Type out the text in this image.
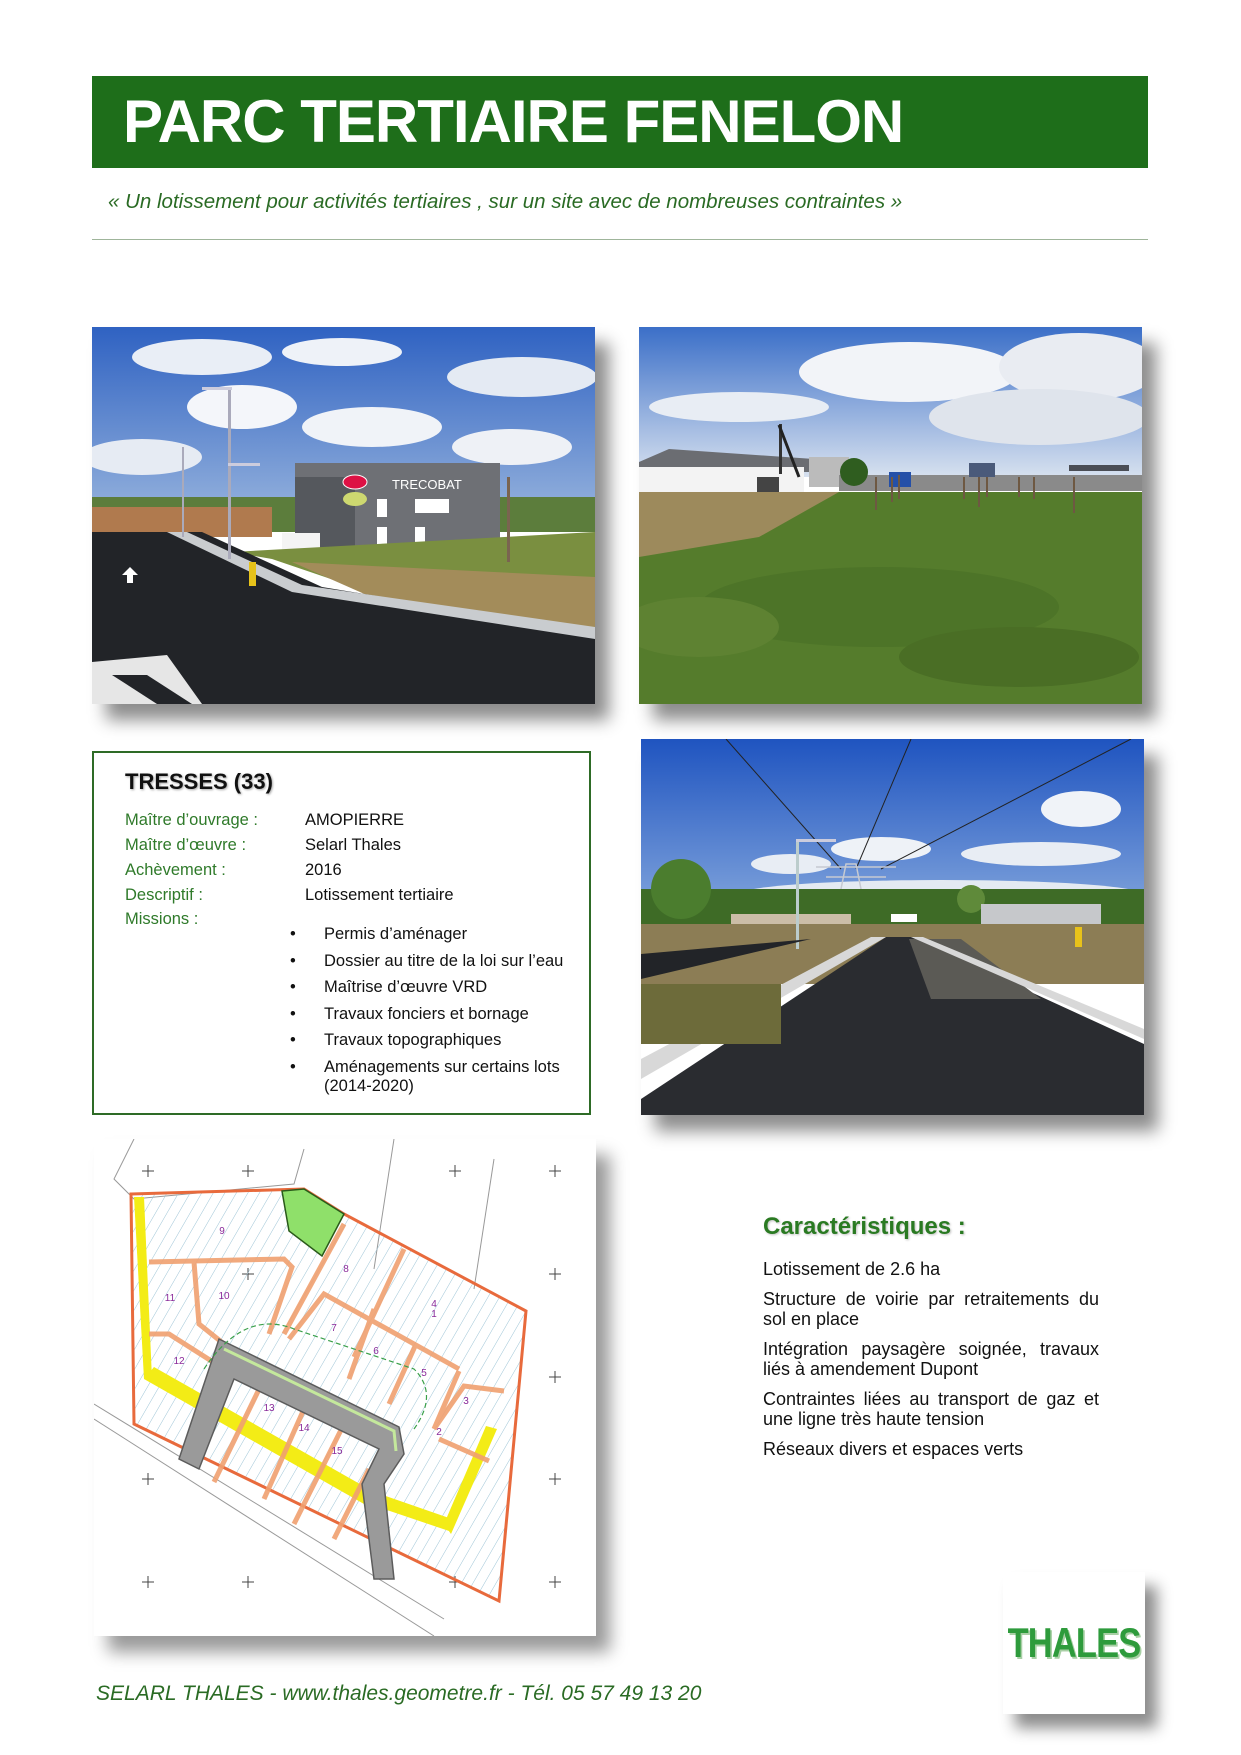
PARC TERTIAIRE FENELON
« Un lotissement pour activités tertiaires , sur un site avec de nombreuses contraintes »
TRECOBAT
TRESSES (33)
Maître d’ouvrage :	AMOPIERRE
Maître d’œuvre :	Selarl Thales
Achèvement :	2016
Descriptif :	Lotissement tertiaire
Missions :
• Permis d’aménager
• Dossier au titre de la loi sur l’eau
• Maîtrise d’œuvre VRD
• Travaux fonciers et bornage
• Travaux topographiques
• Aménagements sur certains lots (2014-2020)
1
2
3
4
5
6
7
8
9
10
11
12
13
14
15
Caractéristiques :
Lotissement de 2.6 ha
Structure de voirie par retraitements du sol en place
Intégration paysagère soignée, travaux liés à amendement Dupont
Contraintes liées au transport de gaz et une ligne très haute tension
Réseaux divers et espaces verts
THALES
SELARL THALES - www.thales.geometre.fr - Tél. 05 57 49 13 20
